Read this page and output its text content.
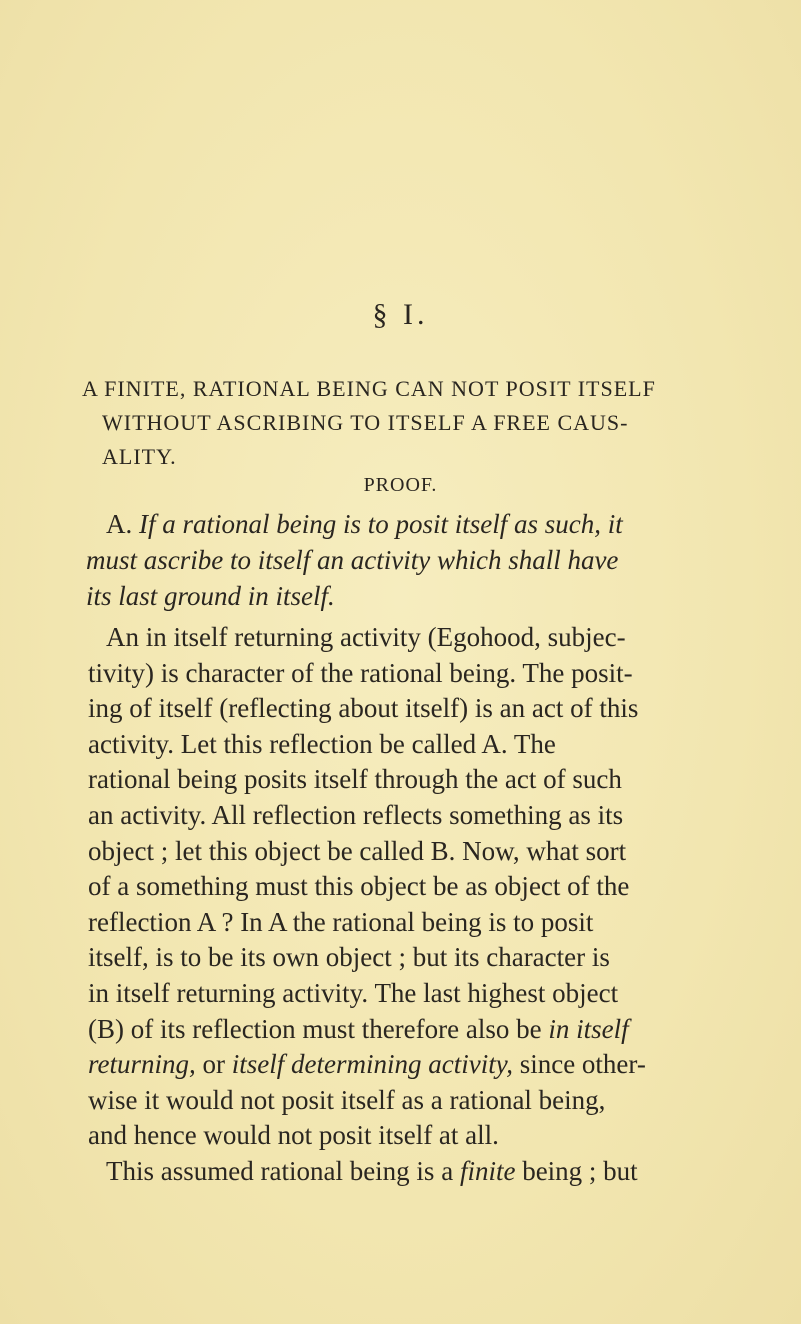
§ I.
A FINITE, RATIONAL BEING CAN NOT POSIT ITSELF
WITHOUT ASCRIBING TO ITSELF A FREE CAUS-
ALITY.
PROOF.
A. If a rational being is to posit itself as such, it
must ascribe to itself an activity which shall have
its last ground in itself.
An in itself returning activity (Egohood, subjec-
tivity) is character of the rational being. The posit-
ing of itself (reflecting about itself) is an act of this
activity. Let this reflection be called A. The
rational being posits itself through the act of such
an activity. All reflection reflects something as its
object ; let this object be called B. Now, what sort
of a something must this object be as object of the
reflection A ? In A the rational being is to posit
itself, is to be its own object ; but its character is
in itself returning activity. The last highest object
(B) of its reflection must therefore also be in itself
returning, or itself determining activity, since other-
wise it would not posit itself as a rational being,
and hence would not posit itself at all.
This assumed rational being is a finite being ; but
